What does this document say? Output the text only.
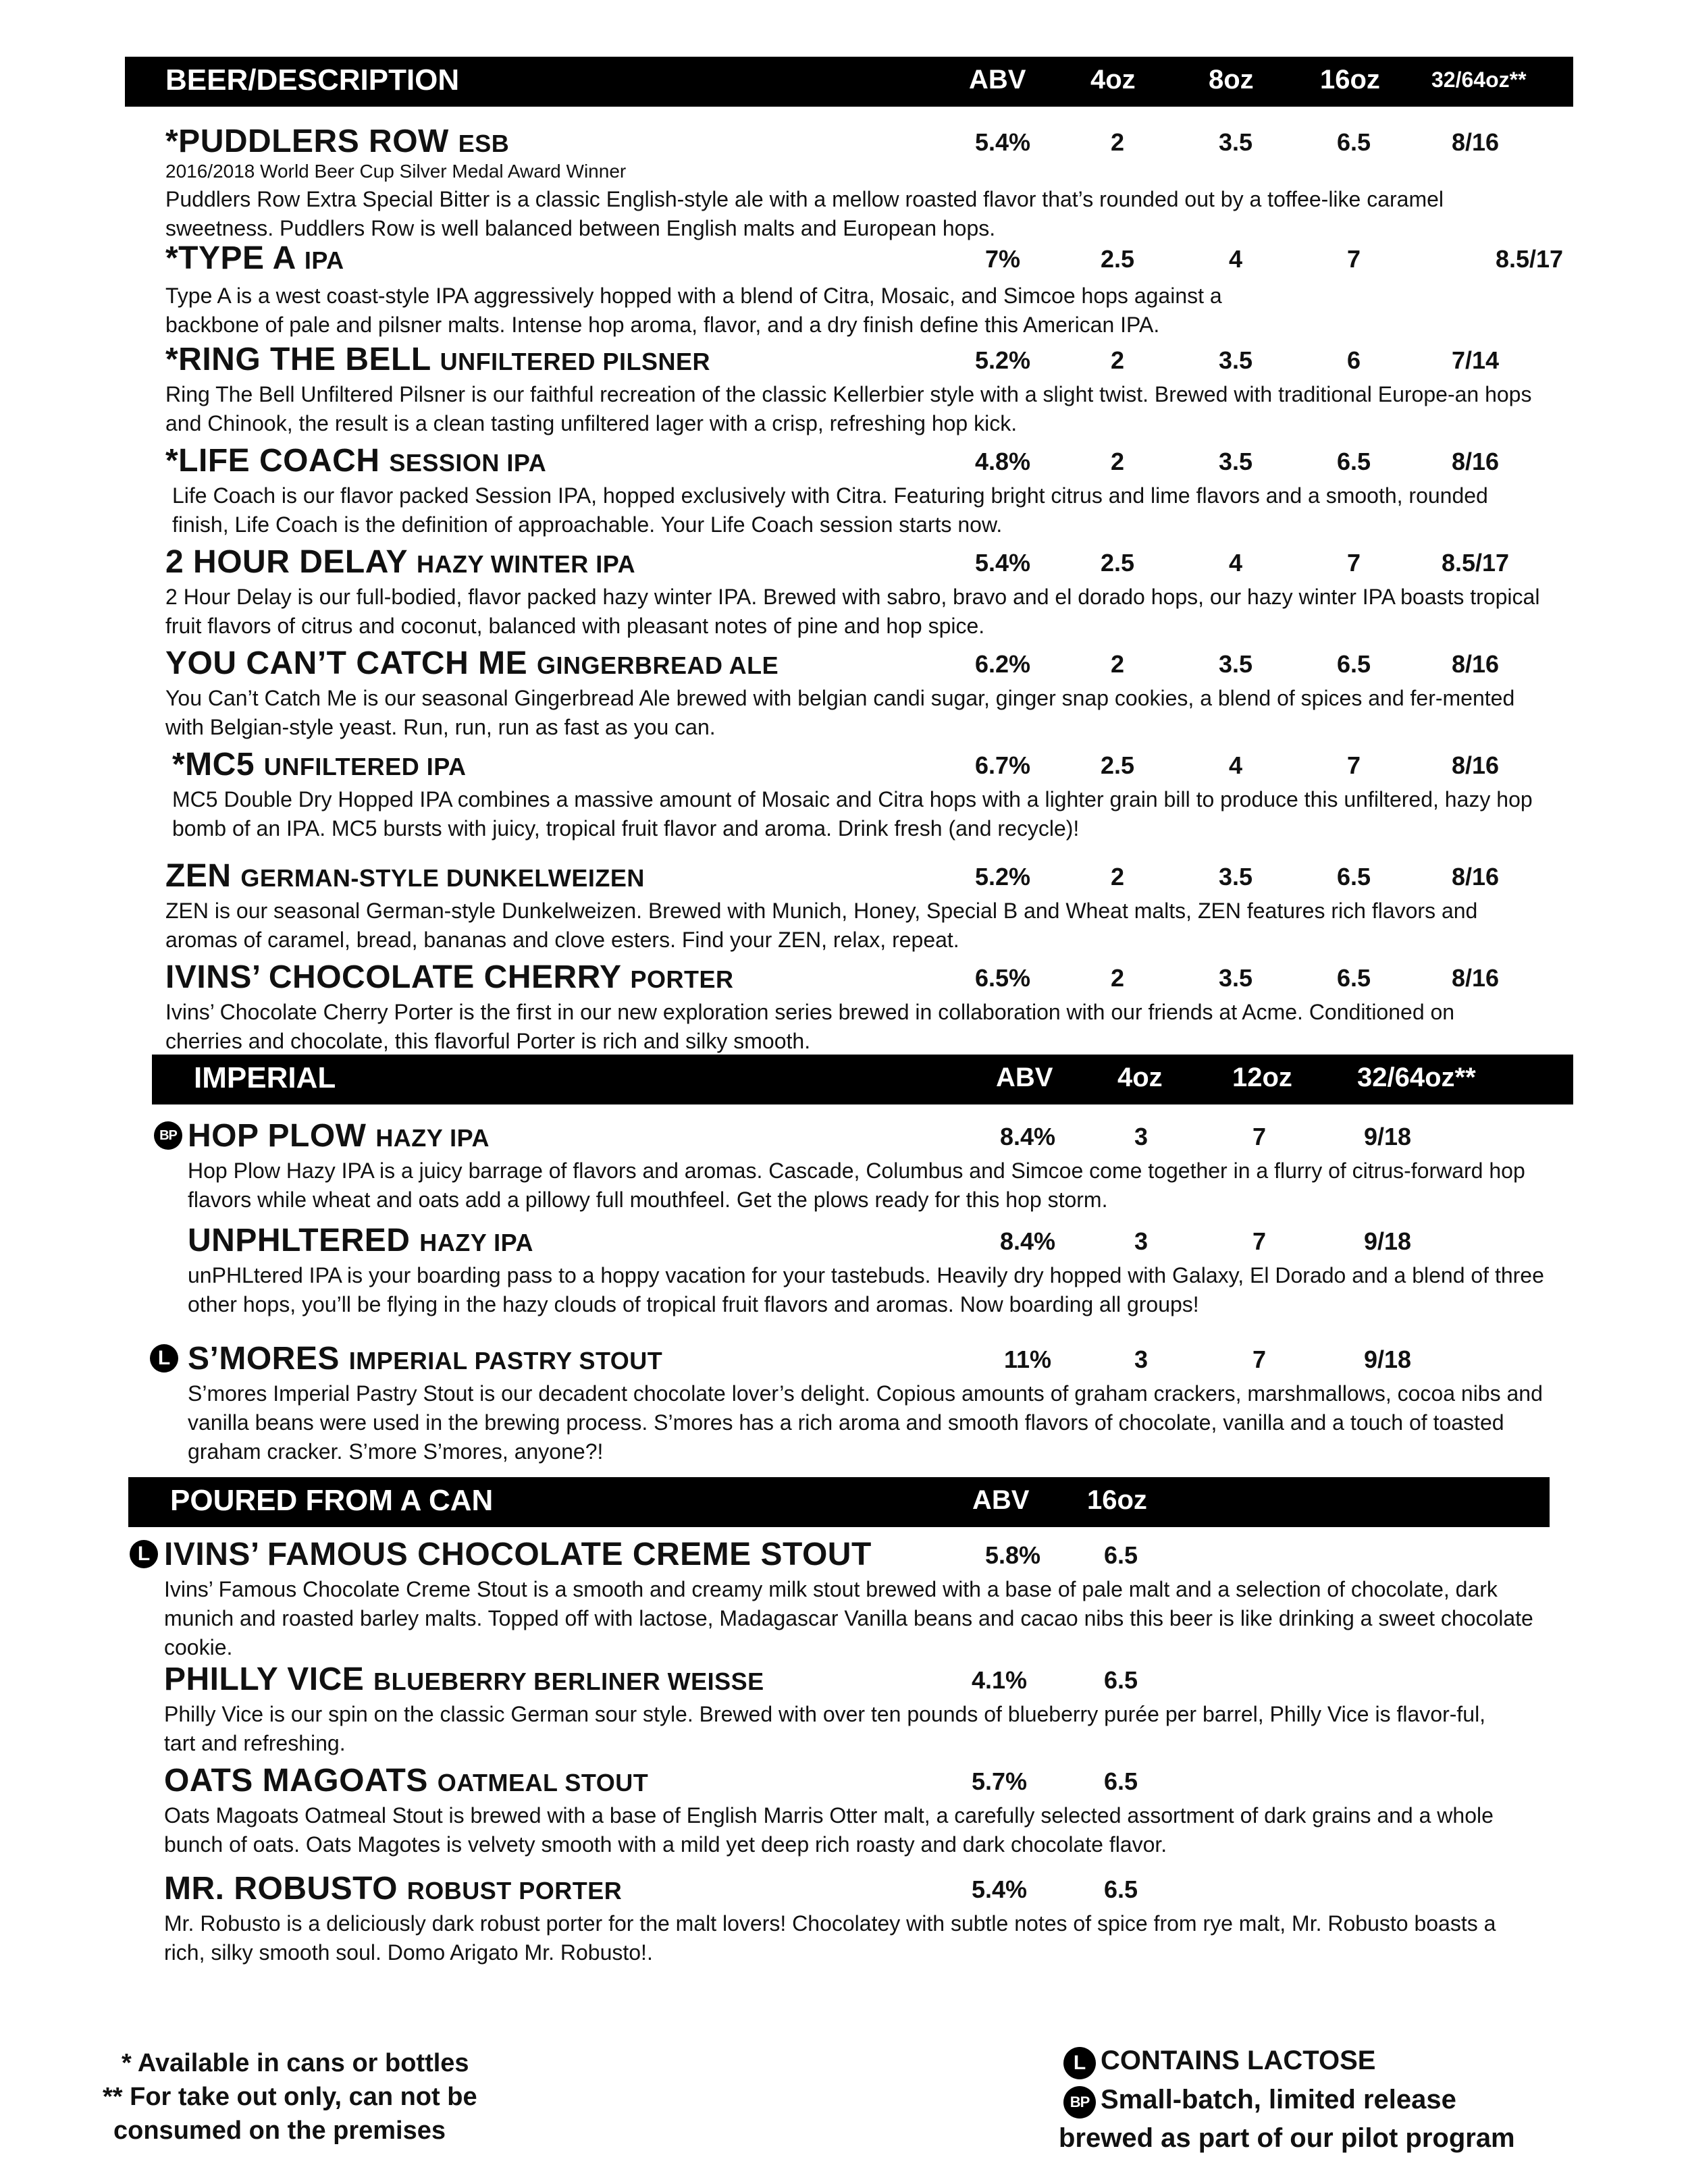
BEER/DESCRIPTION	ABV 4oz	8oz 16oz 32/64oz**
*PUDDLERS ROW ESB	5.4%	2	3.5	6.5	8/16
2016/2018 World Beer Cup Silver Medal Award Winner
Puddlers Row Extra Special Bitter is a classic English-style ale with a mellow roasted flavor that’s rounded out by a toffee-like caramel sweetness. Puddlers Row is well balanced between English malts and European hops.
*TYPE A IPA	7%	2.5	4	7	8.5/17
Type A is a west coast-style IPA aggressively hopped with a blend of Citra, Mosaic, and Simcoe hops against a backbone of pale and pilsner malts. Intense hop aroma, flavor, and a dry finish define this American IPA.
*RING THE BELL UNFILTERED PILSNER	5.2%	2	3.5	6	7/14
Ring The Bell Unfiltered Pilsner is our faithful recreation of the classic Kellerbier style with a slight twist. Brewed with traditional Europe-an hops and Chinook, the result is a clean tasting unfiltered lager with a crisp, refreshing hop kick.
*LIFE COACH SESSION IPA	4.8%	2	3.5	6.5	8/16
Life Coach is our flavor packed Session IPA, hopped exclusively with Citra. Featuring bright citrus and lime flavors and a smooth, rounded finish, Life Coach is the definition of approachable. Your Life Coach session starts now.
2 HOUR DELAY HAZY WINTER IPA	5.4%	2.5	4	7	8.5/17
2 Hour Delay is our full-bodied, flavor packed hazy winter IPA. Brewed with sabro, bravo and el dorado hops, our hazy winter IPA boasts tropical fruit flavors of citrus and coconut, balanced with pleasant notes of pine and hop spice.
YOU CAN’T CATCH ME GINGERBREAD ALE	6.2%	2	3.5	6.5	8/16
You Can’t Catch Me is our seasonal Gingerbread Ale brewed with belgian candi sugar, ginger snap cookies, a blend of spices and fer-mented with Belgian-style yeast. Run, run, run as fast as you can.
*MC5 UNFILTERED IPA	6.7%	2.5	4	7	8/16
MC5 Double Dry Hopped IPA combines a massive amount of Mosaic and Citra hops with a lighter grain bill to produce this unfiltered, hazy hop bomb of an IPA. MC5 bursts with juicy, tropical fruit flavor and aroma. Drink fresh (and recycle)!
ZEN GERMAN-STYLE DUNKELWEIZEN	5.2%	2	3.5	6.5	8/16
ZEN is our seasonal German-style Dunkelweizen. Brewed with Munich, Honey, Special B and Wheat malts, ZEN features rich flavors and aromas of caramel, bread, bananas and clove esters. Find your ZEN, relax, repeat.
IVINS’ CHOCOLATE CHERRY PORTER	6.5%	2	3.5	6.5	8/16
Ivins’ Chocolate Cherry Porter is the first in our new exploration series brewed in collaboration with our friends at Acme. Conditioned on cherries and chocolate, this flavorful Porter is rich and silky smooth.
IMPERIAL	ABV 4oz	12oz 32/64oz**
BP HOP PLOW HAZY IPA	8.4%	3	7	9/18
Hop Plow Hazy IPA is a juicy barrage of flavors and aromas. Cascade, Columbus and Simcoe come together in a flurry of citrus-forward hop flavors while wheat and oats add a pillowy full mouthfeel. Get the plows ready for this hop storm.
UNPHLTERED HAZY IPA	8.4%	3	7	9/18
unPHLtered IPA is your boarding pass to a hoppy vacation for your tastebuds. Heavily dry hopped with Galaxy, El Dorado and a blend of three other hops, you’ll be flying in the hazy clouds of tropical fruit flavors and aromas. Now boarding all groups!
L S’MORES IMPERIAL PASTRY STOUT	11%	3	7	9/18
S’mores Imperial Pastry Stout is our decadent chocolate lover’s delight. Copious amounts of graham crackers, marshmallows, cocoa nibs and vanilla beans were used in the brewing process. S’mores has a rich aroma and smooth flavors of chocolate, vanilla and a touch of toasted graham cracker. S’more S’mores, anyone?!
POURED FROM A CAN	ABV 16oz
L IVINS’ FAMOUS CHOCOLATE CREME STOUT	5.8%	6.5
Ivins’ Famous Chocolate Creme Stout is a smooth and creamy milk stout brewed with a base of pale malt and a selection of chocolate, dark munich and roasted barley malts. Topped off with lactose, Madagascar Vanilla beans and cacao nibs this beer is like drinking a sweet chocolate cookie.
PHILLY VICE BLUEBERRY BERLINER WEISSE	4.1%	6.5
Philly Vice is our spin on the classic German sour style. Brewed with over ten pounds of blueberry purée per barrel, Philly Vice is flavor-ful, tart and refreshing.
OATS MAGOATS OATMEAL STOUT	5.7%	6.5
Oats Magoats Oatmeal Stout is brewed with a base of English Marris Otter malt, a carefully selected assortment of dark grains and a whole bunch of oats. Oats Magotes is velvety smooth with a mild yet deep rich roasty and dark chocolate flavor.
MR. ROBUSTO ROBUST PORTER	5.4%	6.5
Mr. Robusto is a deliciously dark robust porter for the malt lovers! Chocolatey with subtle notes of spice from rye malt, Mr. Robusto boasts a rich, silky smooth soul. Domo Arigato Mr. Robusto!.
* Available in cans or bottles
** For take out only, can not be
consumed on the premises
L CONTAINS LACTOSE
BP Small-batch, limited release
brewed as part of our pilot program
